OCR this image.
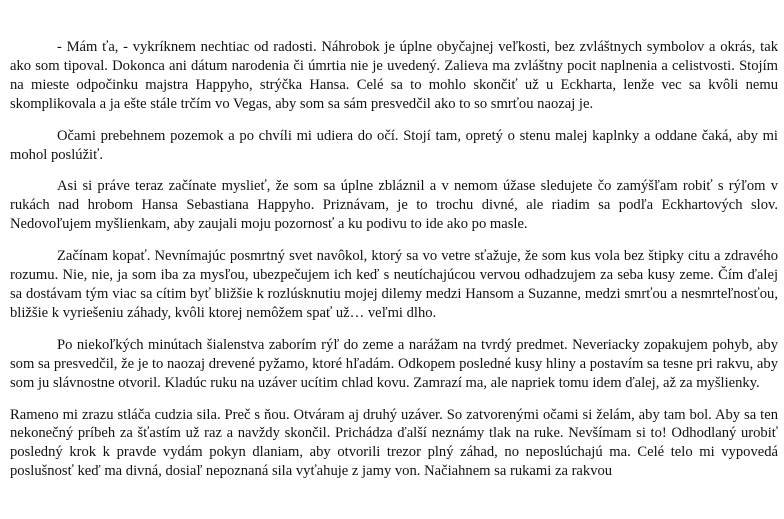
- Mám ťa, - vykríknem nechtiac od radosti. Náhrobok je úplne obyčajnej veľkosti, bez zvláštnych symbolov a okrás, tak ako som tipoval. Dokonca ani dátum narodenia či úmrtia nie je uvedený. Zalieva ma zvláštny pocit naplnenia a celistvosti. Stojím na mieste odpočinku majstra Happyho, strýčka Hansa. Celé sa to mohlo skončiť už u Eckharta, lenže vec sa kvôli nemu skomplikovala a ja ešte stále trčím vo Vegas, aby som sa sám presvedčil ako to so smrťou naozaj je.

Očami prebehnem pozemok a po chvíli mi udiera do očí. Stojí tam, opretý o stenu malej kaplnky a oddane čaká, aby mi mohol poslúžiť.

Asi si práve teraz začínate myslieť, že som sa úplne zbláznil a v nemom úžase sledujete čo zamýšľam robiť s rýľom v rukách nad hrobom Hansa Sebastiana Happyho. Priznávam, je to trochu divné, ale riadim sa podľa Eckhartových slov. Nedovoľujem myšlienkam, aby zaujali moju pozornosť a ku podivu to ide ako po masle.

Začínam kopať. Nevnímajúc posmrtný svet navôkol, ktorý sa vo vetre sťažuje, že som kus vola bez štipky citu a zdravého rozumu. Nie, nie, ja som iba za mysľou, ubezpečujem ich keď s neutíchajúcou vervou odhadzujem za seba kusy zeme. Čím ďalej sa dostávam tým viac sa cítim byť bližšie k rozlúsknutiu mojej dilemy medzi Hansom a Suzanne, medzi smrťou a nesmrteľnosťou, bližšie k vyriešeniu záhady, kvôli ktorej nemôžem spať už… veľmi dlho.

Po niekoľkých minútach šialenstva zaborím rýľ do zeme a narážam na tvrdý predmet. Neveriacky zopakujem pohyb, aby som sa presvedčil, že je to naozaj drevené pyžamo, ktoré hľadám. Odkopem posledné kusy hliny a postavím sa tesne pri rakvu, aby som ju slávnostne otvoril. Kladúc ruku na uzáver ucítim chlad kovu. Zamrazí ma, ale napriek tomu idem ďalej, až za myšlienky.

Rameno mi zrazu stláča cudzia sila. Preč s ňou. Otváram aj druhý uzáver. So zatvorenými očami si želám, aby tam bol. Aby sa ten nekonečný príbeh za šťastím už raz a navždy skončil. Prichádza ďalší neznámy tlak na ruke. Nevšímam si to! Odhodlaný urobiť posledný krok k pravde vydám pokyn dlaniam, aby otvorili trezor plný záhad, no neposlúchajú ma. Celé telo mi vypovedá poslušnosť keď ma divná, dosiaľ nepoznaná sila vyťahuje z jamy von. Načiahnem sa rukami za rakvou
